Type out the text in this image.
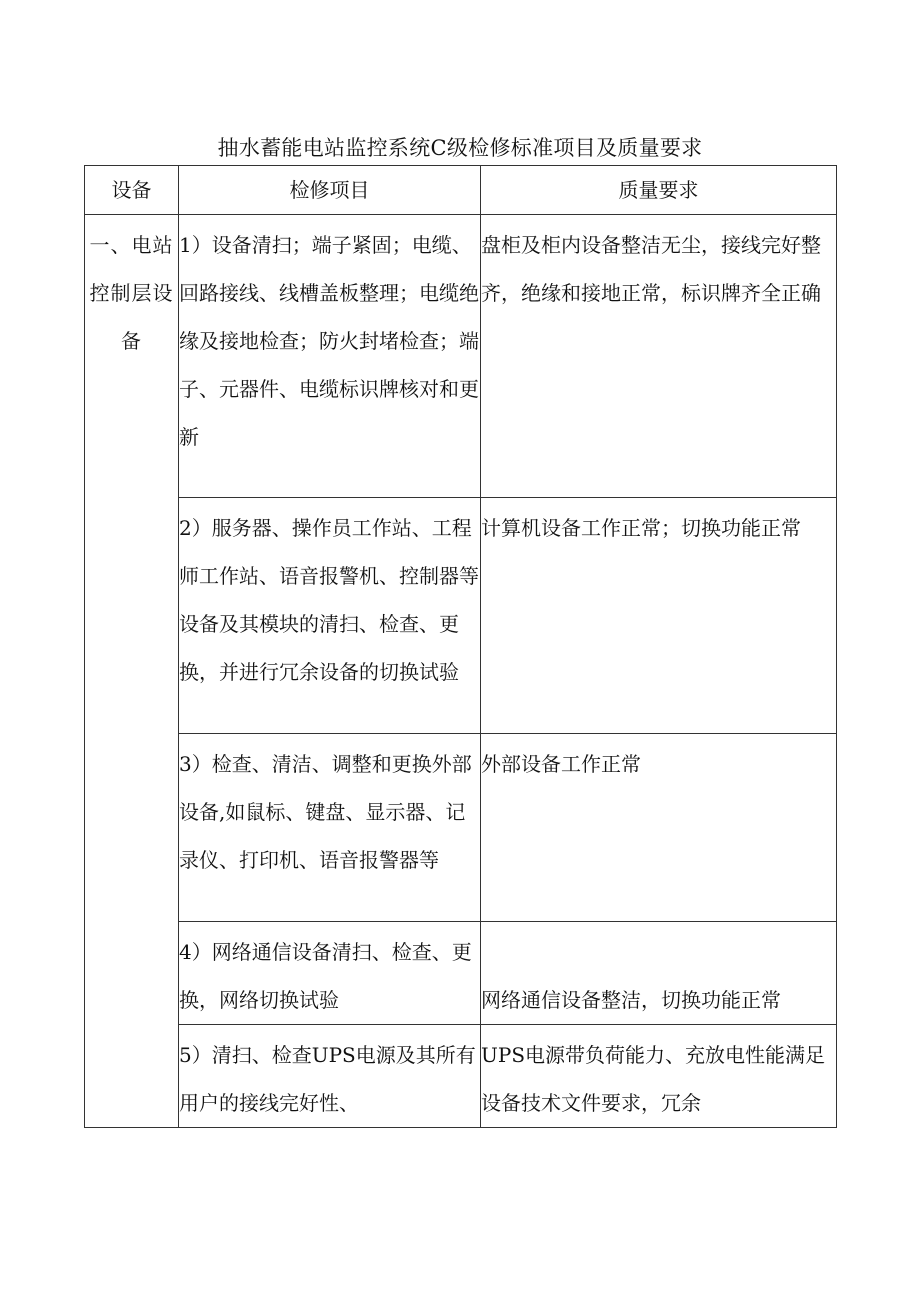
抽水蓄能电站监控系统C级检修标准项目及质量要求
设备	检修项目	质量要求
一、电站控制层设备	1）设备清扫；端子紧固；电缆、回路接线、线槽盖板整理；电缆绝缘及接地检查；防火封堵检查；端子、元器件、电缆标识牌核对和更新	盘柜及柜内设备整洁无尘，接线完好整齐，绝缘和接地正常，标识牌齐全正确
	2）服务器、操作员工作站、工程师工作站、语音报警机、控制器等设备及其模块的清扫、检查、更换，并进行冗余设备的切换试验	计算机设备工作正常；切换功能正常
	3）检查、清洁、调整和更换外部设备,如鼠标、键盘、显示器、记录仪、打印机、语音报警器等	外部设备工作正常
	4）网络通信设备清扫、检查、更换，网络切换试验	网络通信设备整洁，切换功能正常
	5）清扫、检查UPS电源及其所有用户的接线完好性、	UPS电源带负荷能力、充放电性能满足设备技术文件要求，冗余
